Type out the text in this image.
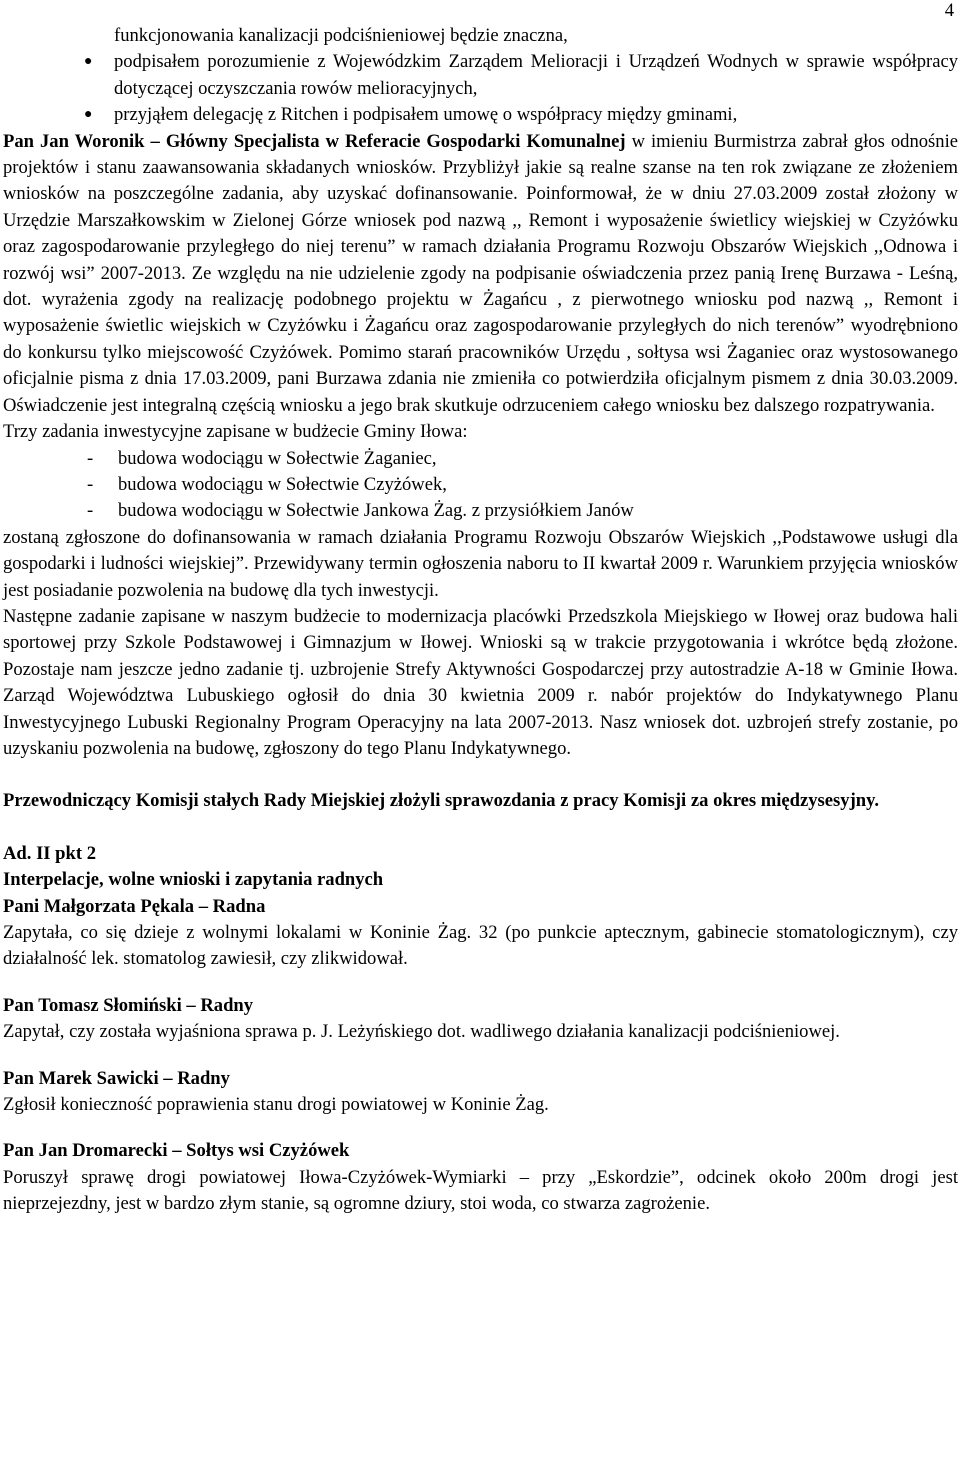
4

funkcjonowania kanalizacji podciśnieniowej będzie znaczna,

● podpisałem porozumienie z Wojewódzkim Zarządem Melioracji i Urządzeń Wodnych w sprawie współpracy dotyczącej oczyszczania rowów melioracyjnych,
● przyjąłem delegację z Ritchen i podpisałem umowę o współpracy między gminami,

Pan Jan Woronik – Główny Specjalista w Referacie Gospodarki Komunalnej w imieniu Burmistrza zabrał głos odnośnie projektów i stanu zaawansowania składanych wniosków. Przybliżył jakie są realne szanse na ten rok związane ze złożeniem wniosków na poszczególne zadania, aby uzyskać dofinansowanie. Poinformował, że w dniu 27.03.2009 został złożony w Urzędzie Marszałkowskim w Zielonej Górze wniosek pod nazwą ,, Remont i wyposażenie świetlicy wiejskiej w Czyżówku oraz zagospodarowanie przyległego do niej terenu” w ramach działania Programu Rozwoju Obszarów Wiejskich ,,Odnowa i rozwój wsi” 2007-2013. Ze względu na nie udzielenie zgody na podpisanie oświadczenia przez panią Irenę Burzawa - Leśną, dot. wyrażenia zgody na realizację podobnego projektu w Żagańcu , z pierwotnego wniosku pod nazwą ,, Remont i wyposażenie świetlic wiejskich w Czyżówku i Żagańcu oraz zagospodarowanie przyległych do nich terenów” wyodrębniono do konkursu tylko miejscowość Czyżówek. Pomimo starań pracowników Urzędu , sołtysa wsi Żaganiec oraz wystosowanego oficjalnie pisma z dnia 17.03.2009, pani Burzawa zdania nie zmieniła co potwierdziła oficjalnym pismem z dnia 30.03.2009. Oświadczenie jest integralną częścią wniosku a jego brak skutkuje odrzuceniem całego wniosku bez dalszego rozpatrywania.

Trzy zadania inwestycyjne zapisane w budżecie Gminy Iłowa:

- budowa wodociągu w Sołectwie Żaganiec,
- budowa wodociągu w Sołectwie Czyżówek,
- budowa wodociągu w Sołectwie Jankowa Żag. z przysiółkiem Janów

zostaną zgłoszone do dofinansowania w ramach działania Programu Rozwoju Obszarów Wiejskich ,,Podstawowe usługi dla gospodarki i ludności wiejskiej”. Przewidywany termin ogłoszenia naboru to II kwartał 2009 r. Warunkiem przyjęcia wniosków jest posiadanie pozwolenia na budowę dla tych inwestycji.

Następne zadanie zapisane w naszym budżecie to modernizacja placówki Przedszkola Miejskiego w Iłowej oraz budowa hali sportowej przy Szkole Podstawowej i Gimnazjum w Iłowej. Wnioski są w trakcie przygotowania i wkrótce będą złożone. Pozostaje nam jeszcze jedno zadanie tj. uzbrojenie Strefy Aktywności Gospodarczej przy autostradzie A-18 w Gminie Iłowa. Zarząd Województwa Lubuskiego ogłosił do dnia 30 kwietnia 2009 r. nabór projektów do Indykatywnego Planu Inwestycyjnego Lubuski Regionalny Program Operacyjny na lata 2007-2013. Nasz wniosek dot. uzbrojeń strefy zostanie, po uzyskaniu pozwolenia na budowę, zgłoszony do tego Planu Indykatywnego.

Przewodniczący Komisji stałych Rady Miejskiej złożyli sprawozdania z pracy Komisji za okres międzysesyjny.

Ad. II pkt 2

Interpelacje, wolne wnioski i zapytania radnych

Pani Małgorzata Pękala – Radna

Zapytała, co się dzieje z wolnymi lokalami w Koninie Żag. 32 (po punkcie aptecznym, gabinecie stomatologicznym), czy działalność lek. stomatolog zawiesił, czy zlikwidował.

Pan Tomasz Słomiński – Radny

Zapytał, czy została wyjaśniona sprawa p. J. Leżyńskiego dot. wadliwego działania kanalizacji podciśnieniowej.

Pan Marek Sawicki – Radny

Zgłosił konieczność poprawienia stanu drogi powiatowej w Koninie Żag.

Pan Jan Dromarecki – Sołtys wsi Czyżówek

Poruszył sprawę drogi powiatowej Iłowa-Czyżówek-Wymiarki – przy „Eskordzie”, odcinek około 200m drogi jest nieprzejezdny, jest w bardzo złym stanie, są ogromne dziury, stoi woda, co stwarza zagrożenie.
